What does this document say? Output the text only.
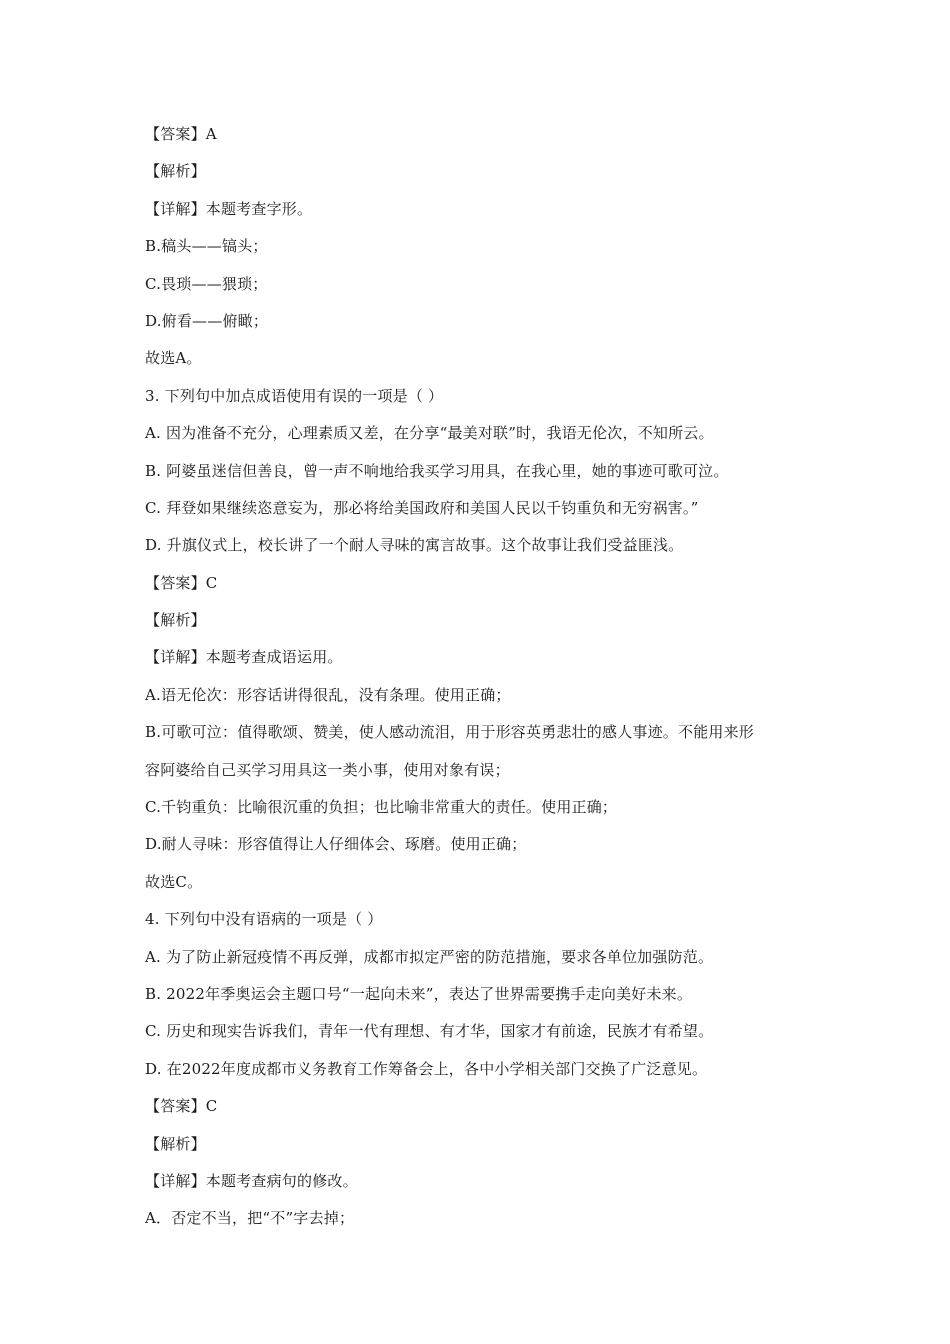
【答案】A
【解析】
【详解】本题考查字形。
B.稿头——镐头；
C.畏琐——猥琐；
D.俯看——俯瞰；
故选A。
3. 下列句中加点成语使用有误的一项是（ ）
A. 因为准备不充分，心理素质又差，在分享“最美对联”时，我语无伦次，不知所云。
B. 阿婆虽迷信但善良，曾一声不响地给我买学习用具，在我心里，她的事迹可歌可泣。
C. 拜登如果继续恣意妄为，那必将给美国政府和美国人民以千钧重负和无穷祸害。”
D. 升旗仪式上，校长讲了一个耐人寻味的寓言故事。这个故事让我们受益匪浅。
【答案】C
【解析】
【详解】本题考查成语运用。
A.语无伦次：形容话讲得很乱，没有条理。使用正确；
B.可歌可泣：值得歌颂、赞美，使人感动流泪，用于形容英勇悲壮的感人事迹。不能用来形
容阿婆给自己买学习用具这一类小事，使用对象有误；
C.千钧重负：比喻很沉重的负担；也比喻非常重大的责任。使用正确；
D.耐人寻味：形容值得让人仔细体会、琢磨。使用正确；
故选C。
4. 下列句中没有语病的一项是（ ）
A. 为了防止新冠疫情不再反弹，成都市拟定严密的防范措施，要求各单位加强防范。
B. 2022年季奥运会主题口号“一起向未来”，表达了世界需要携手走向美好未来。
C. 历史和现实告诉我们，青年一代有理想、有才华，国家才有前途，民族才有希望。
D. 在2022年度成都市义务教育工作筹备会上，各中小学相关部门交换了广泛意见。
【答案】C
【解析】
【详解】本题考查病句的修改。
A．否定不当，把“不”字去掉；
